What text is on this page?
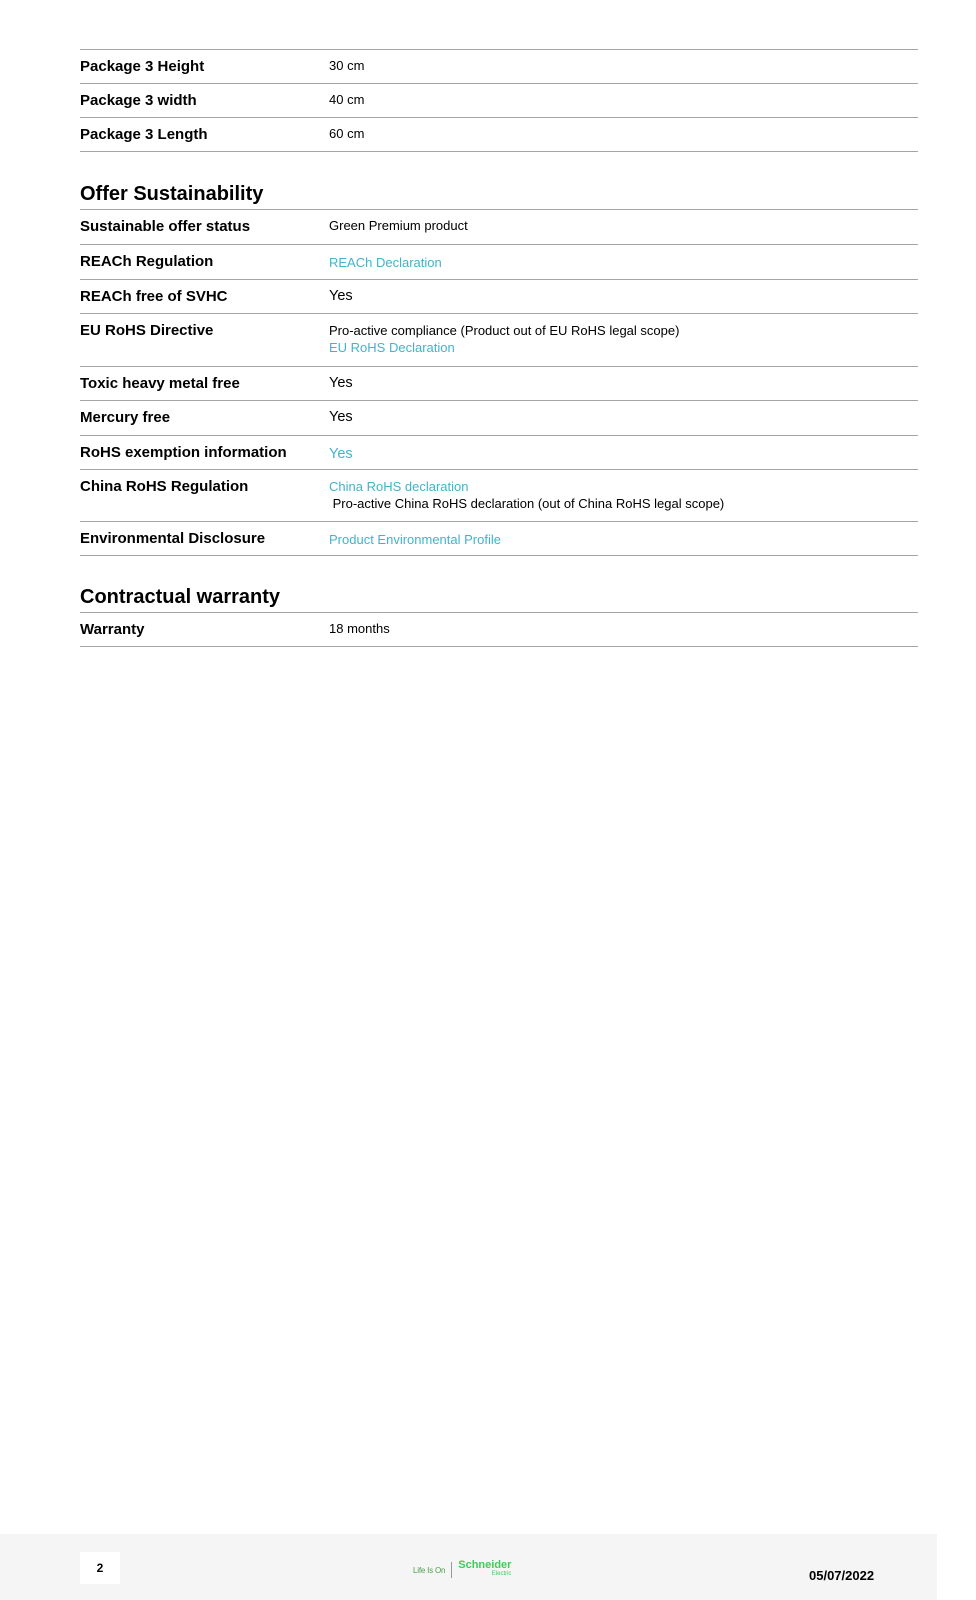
Package 3 Height	30 cm
Package 3 width	40 cm
Package 3 Length	60 cm
Offer Sustainability
Sustainable offer status	Green Premium product
REACh Regulation	REACh Declaration
REACh free of SVHC	Yes
EU RoHS Directive	Pro-active compliance (Product out of EU RoHS legal scope)
EU RoHS Declaration
Toxic heavy metal free	Yes
Mercury free	Yes
RoHS exemption information	Yes
China RoHS Regulation	China RoHS declaration
Pro-active China RoHS declaration (out of China RoHS legal scope)
Environmental Disclosure	Product Environmental Profile
Contractual warranty
Warranty	18 months
2	Life Is On Schneider
Electric	05/07/2022
